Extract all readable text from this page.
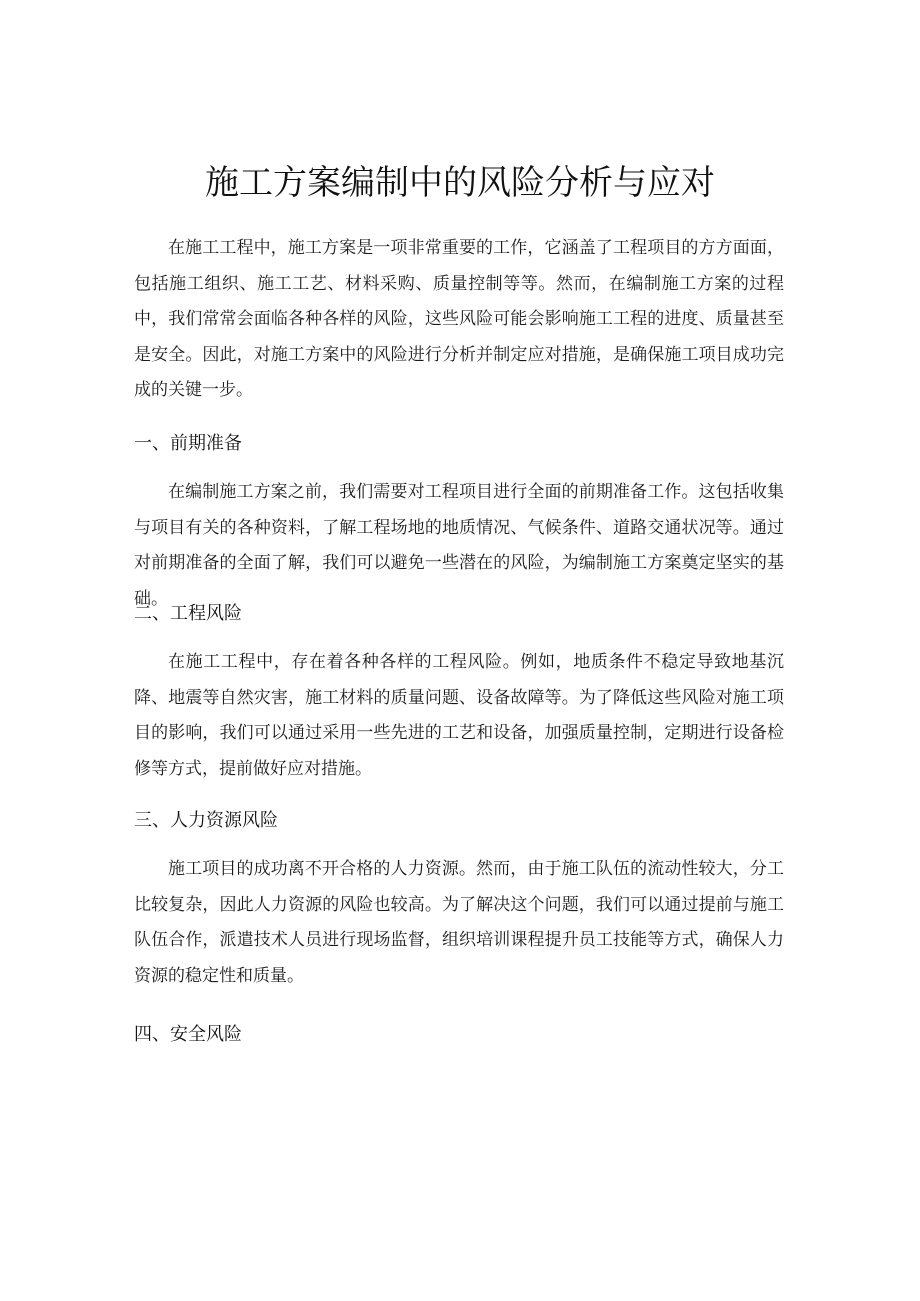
施工方案编制中的风险分析与应对

在施工工程中，施工方案是一项非常重要的工作，它涵盖了工程项目的方方面面，包括施工组织、施工工艺、材料采购、质量控制等等。然而，在编制施工方案的过程中，我们常常会面临各种各样的风险，这些风险可能会影响施工工程的进度、质量甚至是安全。因此，对施工方案中的风险进行分析并制定应对措施，是确保施工项目成功完成的关键一步。

一、前期准备

在编制施工方案之前，我们需要对工程项目进行全面的前期准备工作。这包括收集与项目有关的各种资料，了解工程场地的地质情况、气候条件、道路交通状况等。通过对前期准备的全面了解，我们可以避免一些潜在的风险，为编制施工方案奠定坚实的基础。

二、工程风险

在施工工程中，存在着各种各样的工程风险。例如，地质条件不稳定导致地基沉降、地震等自然灾害，施工材料的质量问题、设备故障等。为了降低这些风险对施工项目的影响，我们可以通过采用一些先进的工艺和设备，加强质量控制，定期进行设备检修等方式，提前做好应对措施。

三、人力资源风险

施工项目的成功离不开合格的人力资源。然而，由于施工队伍的流动性较大，分工比较复杂，因此人力资源的风险也较高。为了解决这个问题，我们可以通过提前与施工队伍合作，派遣技术人员进行现场监督，组织培训课程提升员工技能等方式，确保人力资源的稳定性和质量。

四、安全风险
